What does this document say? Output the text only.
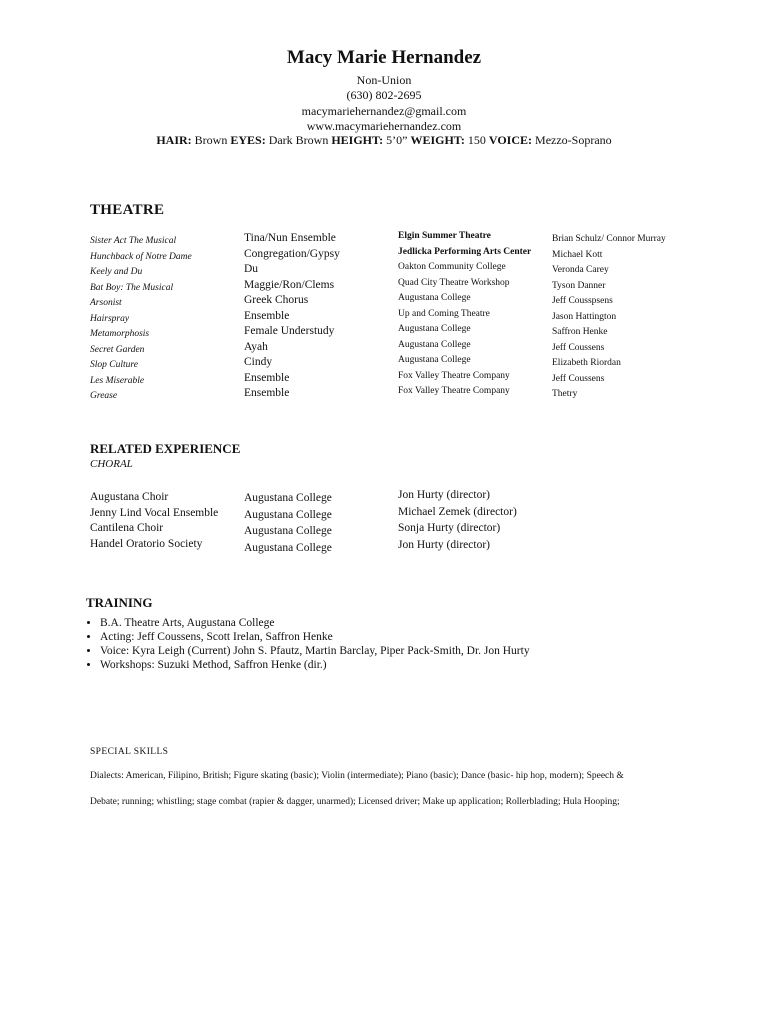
Macy Marie Hernandez
Non-Union
(630) 802-2695
macymariehernandez@gmail.com
www.macymariehernandez.com
HAIR: Brown EYES: Dark Brown HEIGHT: 5’0” WEIGHT: 150 VOICE: Mezzo-Soprano
THEATRE
Sister Act The Musical
Hunchback of Notre Dame
Keely and Du
Bat Boy: The Musical
Arsonist
Hairspray
Metamorphosis
Secret Garden
Slop Culture
Les Miserable
Grease
Tina/Nun Ensemble
Congregation/Gypsy
Du
Maggie/Ron/Clems
Greek Chorus
Ensemble
Female Understudy
Ayah
Cindy
Ensemble
Ensemble
Elgin Summer Theatre
Jedlicka Performing Arts Center
Oakton Community College
Quad City Theatre Workshop
Augustana College
Up and Coming Theatre
Augustana College
Augustana College
Augustana College
Fox Valley Theatre Company
Fox Valley Theatre Company
Brian Schulz/ Connor Murray
Michael Kott
Veronda Carey
Tyson Danner
Jeff Cousspsens
Jason Hattington
Saffron Henke
Jeff Coussens
Elizabeth Riordan
Jeff Coussens
Thetry
RELATED EXPERIENCE
CHORAL
Augustana Choir
Jenny Lind Vocal Ensemble
Cantilena Choir
Handel Oratorio Society
Augustana College
Augustana College
Augustana College
Augustana College
Jon Hurty (director)
Michael Zemek (director)
Sonja Hurty (director)
Jon Hurty (director)
TRAINING
• B.A. Theatre Arts, Augustana College
• Acting: Jeff Coussens, Scott Irelan, Saffron Henke
• Voice: Kyra Leigh (Current) John S. Pfautz, Martin Barclay, Piper Pack-Smith, Dr. Jon Hurty
• Workshops: Suzuki Method, Saffron Henke (dir.)
SPECIAL SKILLS
Dialects: American, Filipino, British; Figure skating (basic); Violin (intermediate); Piano (basic); Dance (basic- hip hop, modern); Speech &
Debate; running; whistling; stage combat (rapier & dagger, unarmed); Licensed driver; Make up application; Rollerblading; Hula Hooping;
